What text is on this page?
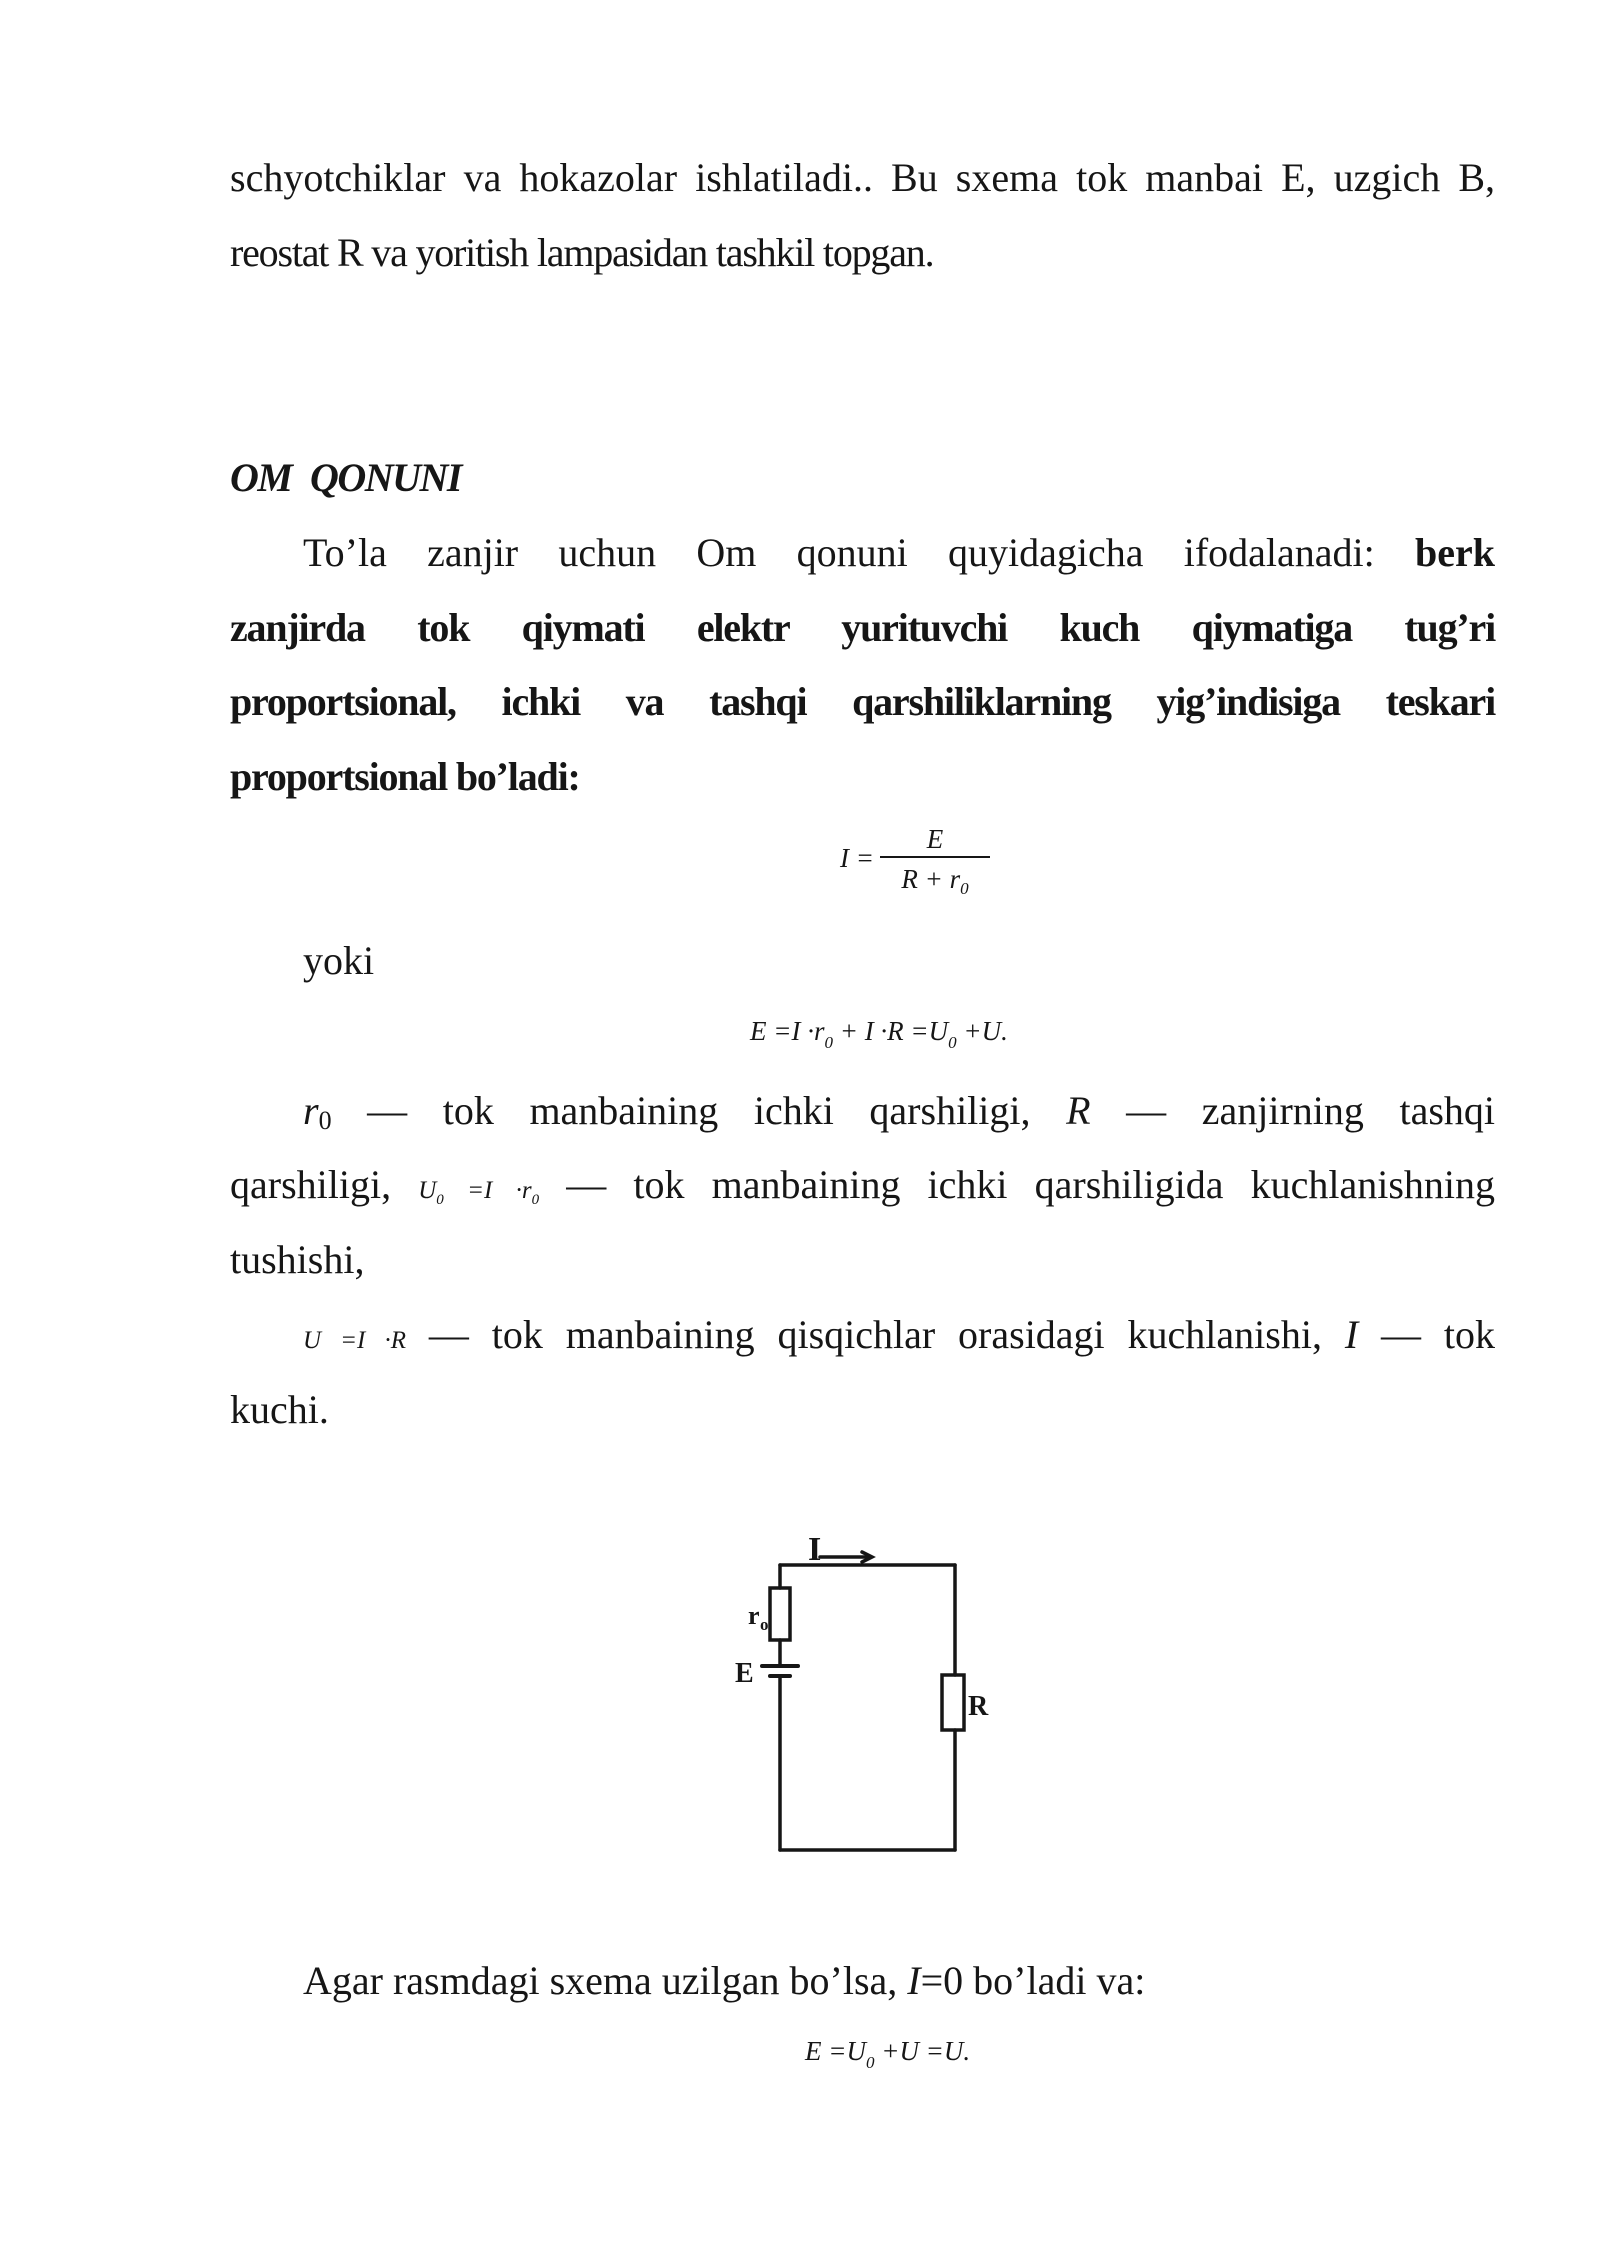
schyotchiklar va hokazolar ishlatiladi.. Bu sxema tok manbai E, uzgich B,
reostat R va yoritish lampasidan tashkil topgan.
OM QONUNI
To’la zanjir uchun Om qonuni quyidagicha ifodalanadi: berk
zanjirda tok qiymati elektr yurituvchi kuch qiymatiga tug’ri
proportsional, ichki va tashqi qarshiliklarning yig’indisiga teskari
proportsional bo’ladi:
$I = \frac{E}{R + r_0}$
yoki
$E =I \cdot r_0 + I \cdot R =U_0 +U$.
r0 — tok manbaining ichki qarshiligi, R — zanjirning tashqi
qarshiligi, $U_0 =I \cdot r_0$ — tok manbaining ichki qarshiligida kuchlanishning
tushishi,
U =I ·R — tok manbaining qisqichlar orasidagi kuchlanishi, I — tok
kuchi.
I
r o
E
R
Agar rasmdagi sxema uzilgan bo’lsa, I=0 bo’ladi va:
$E =U_0 +U =U$.
